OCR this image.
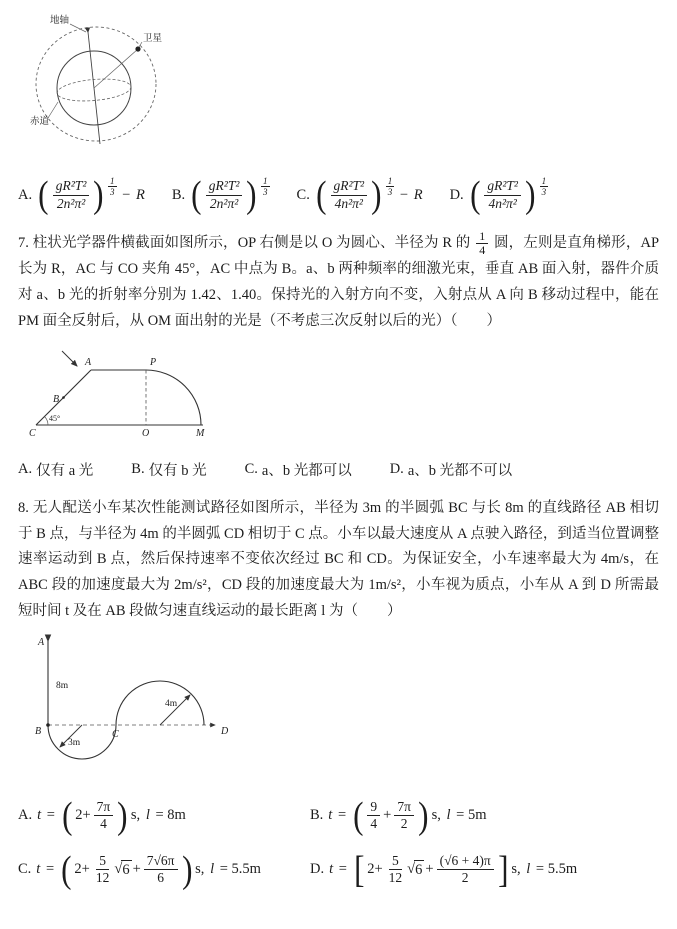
地轴
卫星
赤道
A. ( $\frac{\text{gR²T²}}{\text{2n²π²}}$ ) $\frac{1}{3} - R$ B. ( $\frac{\text{gR²T²}}{\text{2n²π²}}$ ) $\frac{1}{3} C$. ( $\frac{\text{gR²T²}}{\text{4n²π²}}$ ) $\frac{1}{3} - R$ D. ( $\frac{\text{gR²T²}}{\text{4n²π²}}$ ) $\frac{1}{3}$

7. 柱状光学器件横截面如图所示，OP 右侧是以 O 为圆心、半径为 R 的 $\frac{1}{4}$ 圆，左则是直角梯形，AP 长为 R，AC 与 CO 夹角 45°，AC 中点为 B。a、b 两种频率的细激光束，垂直 AB 面入射，器件介质对 a、b 光的折射率分别为 1.42、1.40。保持光的入射方向不变，入射点从 A 向 B 移动过程中，能在 PM 面全反射后，从 OM 面出射的光是（不考虑三次反射以后的光）（　　）

A	P
B
45°
C	O	M
A. 仅有 a 光	B. 仅有 b 光	C. a、b 光都可以	D. a、b 光都不可以

8. 无人配送小车某次性能测试路径如图所示，半径为 3m 的半圆弧 BC 与长 8m 的直线路径 AB 相切于 B 点，与半径为 4m 的半圆弧 CD 相切于 C 点。小车以最大速度从 A 点驶入路径，到适当位置调整速率运动到 B 点，然后保持速率不变依次经过 BC 和 CD。为保证安全，小车速率最大为 4m/s，在 ABC 段的加速度最大为 2m/s²，CD 段的加速度最大为 1m/s²，小车视为质点，小车从 A 到 D 所需最短时间 t 及在 AB 段做匀速直线运动的最长距离 l 为（　　）

A
8m
B
3m
C
4m
D
A. t = ( $2+ \frac{7\pi}{4}$ ) s, l = 8m	B. t = ( $\frac{9}{4} + \frac{7\pi}{2}$ ) s, l = 5m
C. t = ( $2+ \frac{5}{12}$ √ $6 + \frac{7√6\pi}{6}$ ) s, l = 5.5m	D. t = [ $2+ \frac{5}{12}$ √ $6 + \frac{(√6 + 4)\pi}{2}$ ] s, l = 5.5m
